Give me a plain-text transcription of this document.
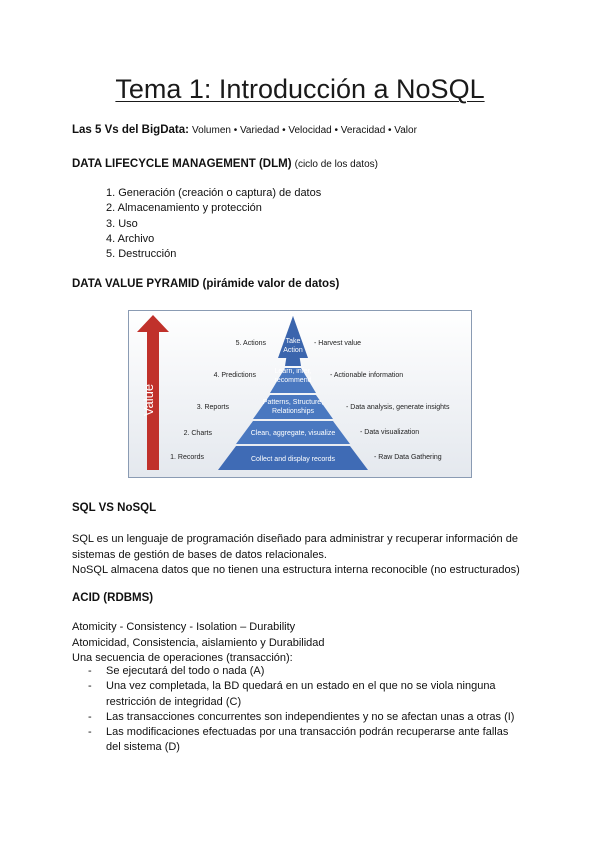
Tema 1: Introducción a NoSQL
Las 5 Vs del BigData: Volumen • Variedad • Velocidad • Veracidad • Valor
DATA LIFECYCLE MANAGEMENT (DLM) (ciclo de los datos)
1. Generación (creación o captura) de datos
2. Almacenamiento y protección
3. Uso
4. Archivo
5. Destrucción
DATA VALUE PYRAMID (pirámide valor de datos)
Value
Take
Action
Learn, infer,
recommend
Patterns, Structure,
Relationships
Clean, aggregate, visualize
Collect and display records
5. Actions
4. Predictions
3. Reports
2. Charts
1. Records
- Harvest value
- Actionable information
- Data analysis, generate insights
- Data visualization
- Raw Data Gathering
SQL VS NoSQL
SQL es un lenguaje de programación diseñado para administrar y recuperar información de
sistemas de gestión de bases de datos relacionales.
NoSQL almacena datos que no tienen una estructura interna reconocible (no estructurados)
ACID (RDBMS)
Atomicity - Consistency - Isolation – Durability
Atomicidad, Consistencia, aislamiento y Durabilidad
Una secuencia de operaciones (transacción):
- Se ejecutará del todo o nada (A)
- Una vez completada, la BD quedará en un estado en el que no se viola ninguna
restricción de integridad (C)
- Las transacciones concurrentes son independientes y no se afectan unas a otras (I)
- Las modificaciones efectuadas por una transacción podrán recuperarse ante fallas
del sistema (D)
